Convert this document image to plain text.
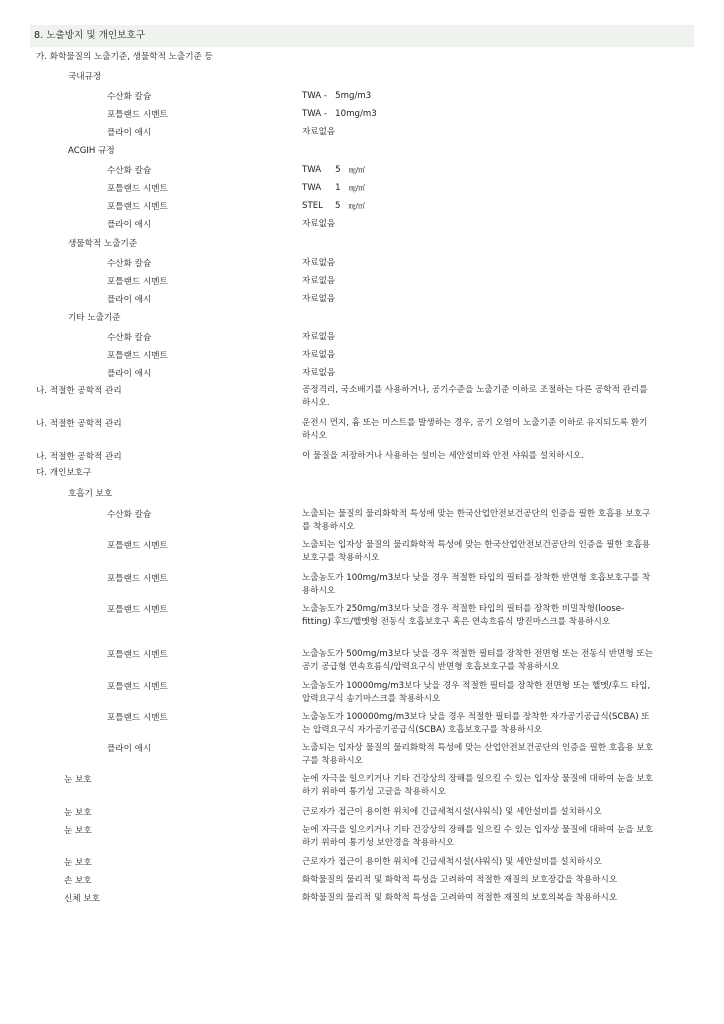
8. 노출방지 및 개인보호구
가. 화학물질의 노출기준, 생물학적 노출기준 등
국내규정
수산화 칼슘	TWA -   5mg/m3
포틀랜드 시멘트	TWA -   10mg/m3
플라이 애시	자료없음
ACGIH 규정
수산화 칼슘	TWA 5 ㎎/㎥
포틀랜드 시멘트	TWA 1 ㎎/㎥
포틀랜드 시멘트	STEL 5 ㎎/㎥
플라이 애시	자료없음
생물학적 노출기준
수산화 칼슘	자료없음
포틀랜드 시멘트	자료없음
플라이 애시	자료없음
기타 노출기준
수산화 칼슘	자료없음
포틀랜드 시멘트	자료없음
플라이 애시	자료없음
나. 적절한 공학적 관리	공정격리, 국소배기를 사용하거나, 공기수준을 노출기준 이하로 조절하는 다른 공학적 관리를 하시오.
나. 적절한 공학적 관리	운전시 먼지, 흄 또는 미스트를 발생하는 경우, 공기 오염이 노출기준 이하로 유지되도록 환기하시오
나. 적절한 공학적 관리	이 물질을 저장하거나 사용하는 설비는 세안설비와 안전 샤워를 설치하시오.
다. 개인보호구
호흡기 보호
수산화 칼슘	노출되는 물질의 물리화학적 특성에 맞는 한국산업안전보건공단의 인증을 필한 호흡용 보호구를 착용하시오
포틀랜드 시멘트	노출되는 입자상 물질의 물리화학적 특성에 맞는 한국산업안전보건공단의 인증을 필한 호흡용 보호구를 착용하시오
포틀랜드 시멘트	노출농도가 100mg/m3보다 낮을 경우 적절한 타입의 필터를 장착한 반면형 호흡보호구를 착용하시오
포틀랜드 시멘트	노출농도가 250mg/m3보다 낮을 경우 적절한 타입의 필터를 장착한 비밀착형(loose- fitting) 후드/헬멧형 전동식 호흡보호구 혹은 연속흐름식 방진마스크를 착용하시오
포틀랜드 시멘트	노출농도가 500mg/m3보다 낮을 경우 적절한 필터를 장착한 전면형 또는 전동식 반면형 또는 공기 공급형 연속흐름식/압력요구식 반면형 호흡보호구를 착용하시오
포틀랜드 시멘트	노출농도가 10000mg/m3보다 낮을 경우 적절한 필터를 장착한 전면형 또는 헬멧/후드 타입, 압력요구식 송기마스크를 착용하시오
포틀랜드 시멘트	노출농도가 100000mg/m3보다 낮을 경우 적절한 필터를 장착한 자가공기공급식(SCBA) 또는 압력요구식 자가공기공급식(SCBA) 호흡보호구를 착용하시오
플라이 애시	노출되는 입자상 물질의 물리화학적 특성에 맞는 산업안전보건공단의 인증을 필한 호흡용 보호구를 착용하시오
눈 보호	눈에 자극을 일으키거나 기타 건강상의 장해를 일으킬 수 있는 입자상 물질에 대하여 눈을 보호하기 위하여 통기성 고글을 착용하시오
눈 보호	근로자가 접근이 용이한 위치에 긴급세척시설(샤워식) 및 세안설비를 설치하시오
눈 보호	눈에 자극을 일으키거나 기타 건강상의 장해를 일으킬 수 있는 입자상 물질에 대하여 눈을 보호하기 위하여 통기성 보안경을 착용하시오
눈 보호	근로자가 접근이 용이한 위치에 긴급세척시설(샤워식) 및 세안설비를 설치하시오
손 보호	화학물질의 물리적 및 화학적 특성을 고려하여 적절한 재질의 보호장갑을 착용하시오
신체 보호	화학물질의 물리적 및 화학적 특성을 고려하여 적절한 재질의 보호의복을 착용하시오
